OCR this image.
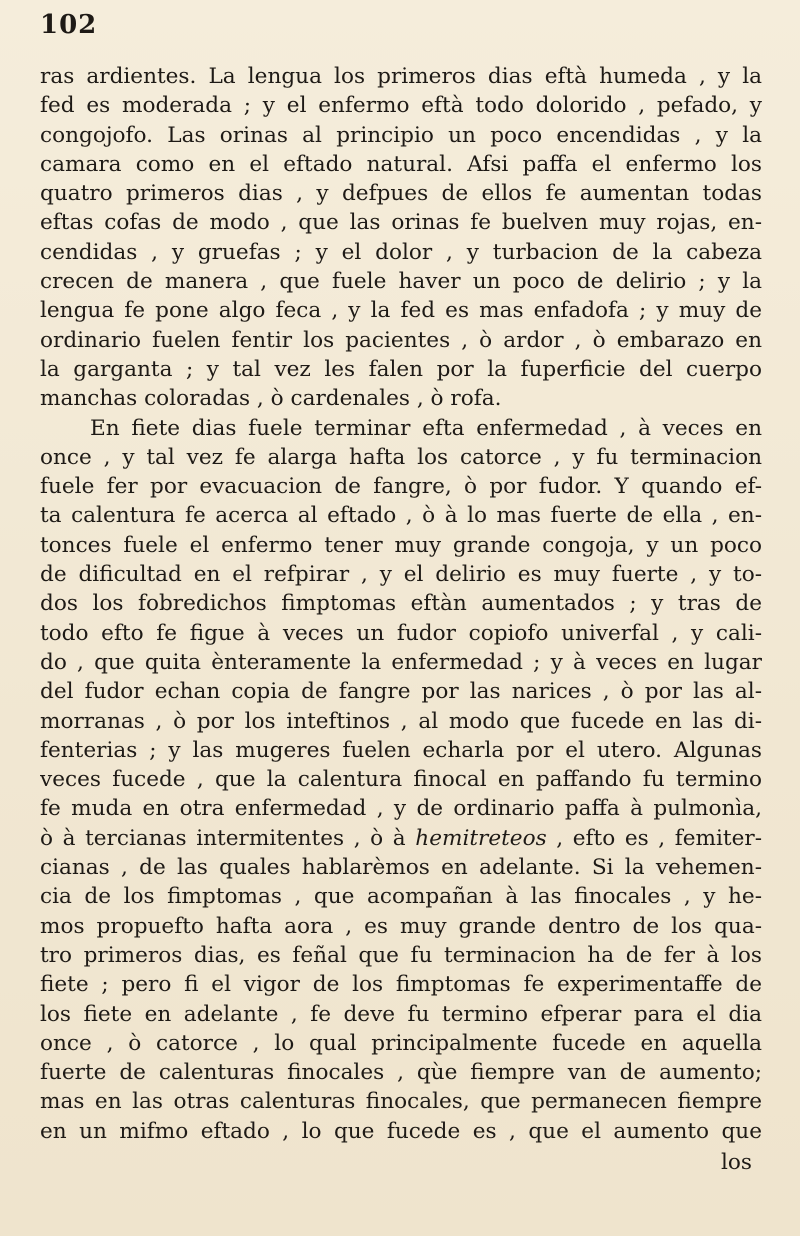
102
ras ardientes. La lengua los primeros dias eftà humeda , y la
fed es moderada ; y el enfermo eftà todo dolorido , pefado, y
congojofo. Las orinas al principio un poco encendidas , y la
camara como en el eftado natural. Afsi paffa el enfermo los
quatro primeros dias , y defpues de ellos fe aumentan todas
eftas cofas de modo , que las orinas fe buelven muy rojas, en-
cendidas , y gruefas ; y el dolor , y turbacion de la cabeza
crecen de manera , que fuele haver un poco de delirio ; y la
lengua fe pone algo feca , y la fed es mas enfadofa ; y muy de
ordinario fuelen fentir los pacientes , ò ardor , ò embarazo en
la garganta ; y tal vez les falen por la fuperficie del cuerpo
manchas coloradas , ò cardenales , ò rofa.
En fiete dias fuele terminar efta enfermedad , à veces en
once , y tal vez fe alarga hafta los catorce , y fu terminacion
fuele fer por evacuacion de fangre, ò por fudor. Y quando ef-
ta calentura fe acerca al eftado , ò à lo mas fuerte de ella , en-
tonces fuele el enfermo tener muy grande congoja, y un poco
de dificultad en el refpirar , y el delirio es muy fuerte , y to-
dos los fobredichos fimptomas eftàn aumentados ; y tras de
todo efto fe figue à veces un fudor copiofo univerfal , y cali-
do , que quita ènteramente la enfermedad ; y à veces en lugar
del fudor echan copia de fangre por las narices , ò por las al-
morranas , ò por los inteftinos , al modo que fucede en las di-
fenterias ; y las mugeres fuelen echarla por el utero. Algunas
veces fucede , que la calentura finocal en paffando fu termino
fe muda en otra enfermedad , y de ordinario paffa à pulmonìa,
ò à tercianas intermitentes , ò à hemitreteos , efto es , femiter-
cianas , de las quales hablarèmos en adelante. Si la vehemen-
cia de los fimptomas , que acompañan à las finocales , y he-
mos propuefto hafta aora , es muy grande dentro de los qua-
tro primeros dias, es feñal que fu terminacion ha de fer à los
fiete ; pero fi el vigor de los fimptomas fe experimentaffe de
los fiete en adelante , fe deve fu termino efperar para el dia
once , ò catorce , lo qual principalmente fucede en aquella
fuerte de calenturas finocales , qùe fiempre van de aumento;
mas en las otras calenturas finocales, que permanecen fiempre
en un mifmo eftado , lo que fucede es , que el aumento que
los
